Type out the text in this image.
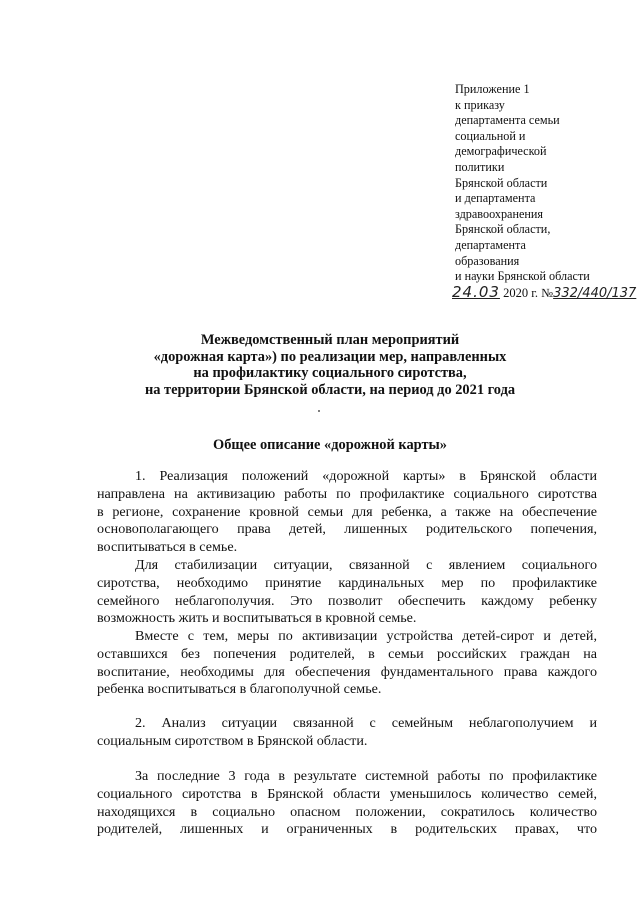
Приложение 1
к приказу
департамента семьи
социальной и
демографической
политики
Брянской области
и департамента
здравоохранения
Брянской области,
департамента
образования
и науки Брянской области
24.03 2020 г. №332/440/137
Межведомственный план мероприятий
«дорожная карта») по реализации мер, направленных
на профилактику социального сиротства,
на территории Брянской области, на период до 2021 года
Общее описание «дорожной карты»
1. Реализация положений «дорожной карты» в Брянской области
направлена на активизацию работы по профилактике социального сиротства
в регионе, сохранение кровной семьи для ребенка, а также на обеспечение
основополагающего права детей, лишенных родительского попечения,
воспитываться в семье.
Для стабилизации ситуации, связанной с явлением социального
сиротства, необходимо принятие кардинальных мер по профилактике
семейного неблагополучия. Это позволит обеспечить каждому ребенку
возможность жить и воспитываться в кровной семье.
Вместе с тем, меры по активизации устройства детей-сирот и детей,
оставшихся без попечения родителей, в семьи российских граждан на
воспитание, необходимы для обеспечения фундаментального права каждого
ребенка воспитываться в благополучной семье.
2. Анализ ситуации связанной с семейным неблагополучием и
социальным сиротством в Брянской области.
За последние 3 года в результате системной работы по профилактике
социального сиротства в Брянской области уменьшилось количество семей,
находящихся в социально опасном положении, сократилось количество
родителей, лишенных и ограниченных в родительских правах, что
